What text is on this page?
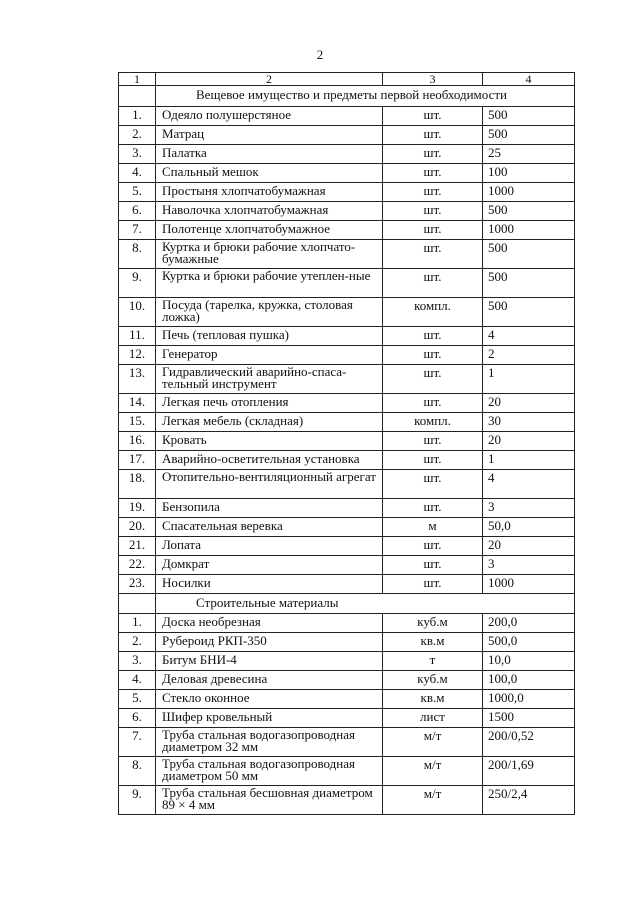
2
1	2	3	4
	Вещевое имущество и предметы первой необходимости		
1.	Одеяло полушерстяное	шт.	500
2.	Матрац	шт.	500
3.	Палатка	шт.	25
4.	Спальный мешок	шт.	100
5.	Простыня хлопчатобумажная	шт.	1000
6.	Наволочка хлопчатобумажная	шт.	500
7.	Полотенце хлопчатобумажное	шт.	1000
8.	Куртка и брюки рабочие хлопчато-бумажные	шт.	500
9.	Куртка и брюки рабочие утеплен-ные	шт.	500
10.	Посуда (тарелка, кружка, столовая ложка)	компл.	500
11.	Печь (тепловая пушка)	шт.	4
12.	Генератор	шт.	2
13.	Гидравлический аварийно-спаса-тельный инструмент	шт.	1
14.	Легкая печь отопления	шт.	20
15.	Легкая мебель (складная)	компл.	30
16.	Кровать	шт.	20
17.	Аварийно-осветительная установка	шт.	1
18.	Отопительно-вентиляционный агрегат	шт.	4
19.	Бензопила	шт.	3
20.	Спасательная веревка	м	50,0
21.	Лопата	шт.	20
22.	Домкрат	шт.	3
23.	Носилки	шт.	1000
	Строительные материалы		
1.	Доска необрезная	куб.м	200,0
2.	Рубероид РКП-350	кв.м	500,0
3.	Битум БНИ-4	т	10,0
4.	Деловая древесина	куб.м	100,0
5.	Стекло оконное	кв.м	1000,0
6.	Шифер кровельный	лист	1500
7.	Труба стальная водогазопроводная диаметром 32 мм	м/т	200/0,52
8.	Труба стальная водогазопроводная диаметром 50 мм	м/т	200/1,69
9.	Труба стальная бесшовная диаметром 89 × 4 мм	м/т	250/2,4
